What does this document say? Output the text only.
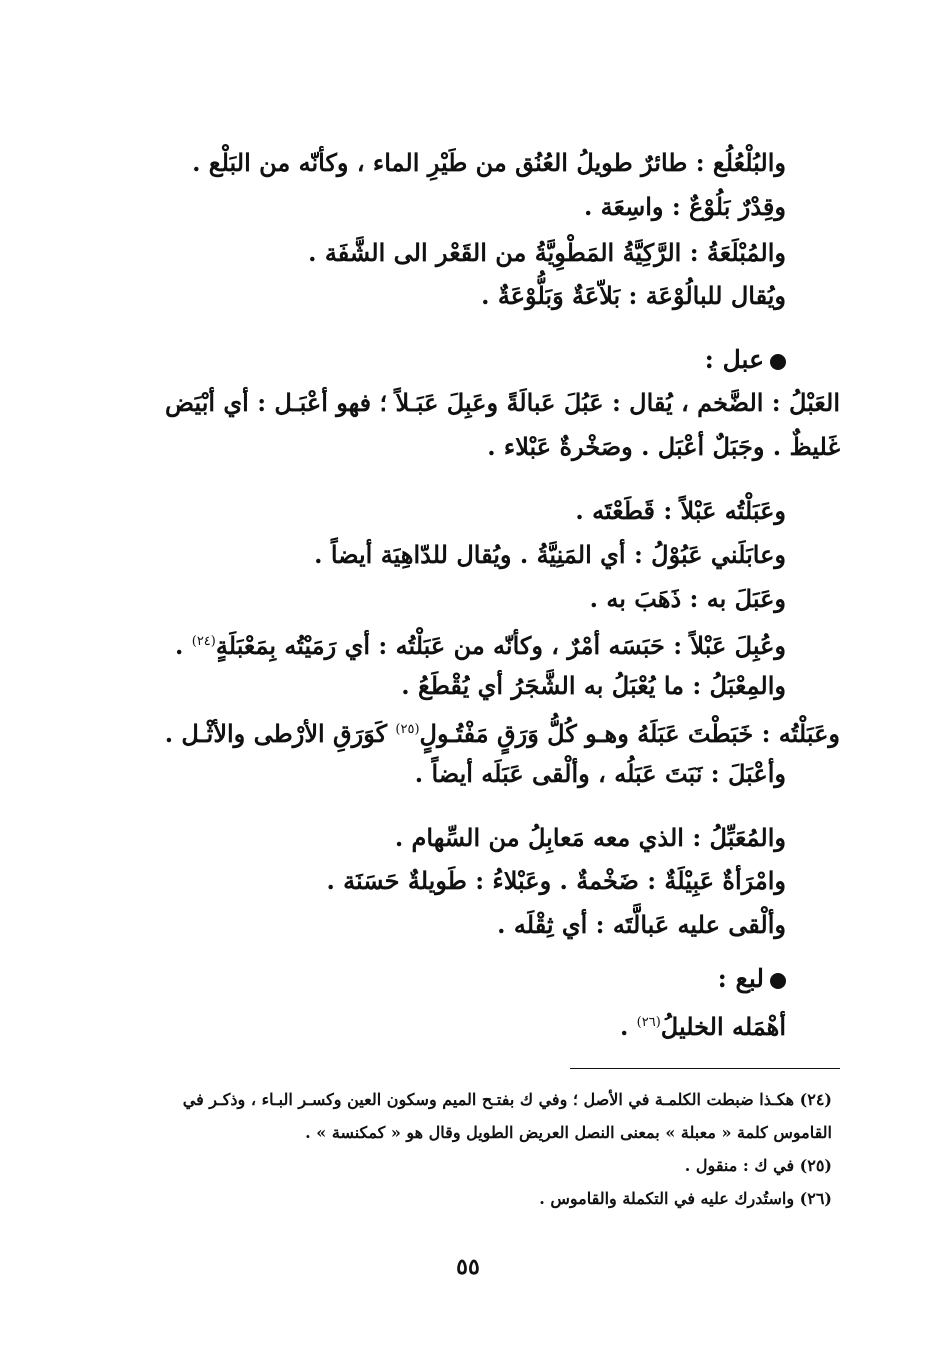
والبُلْعُلُع : طائرٌ طويلُ العُنُق من طَيْرِ الماء ، وكأنّه من البَلْع .
وقِدْرٌ بَلُوْعٌ : واسِعَة .
والمُبْلَعَةُ : الرَّكِيَّةُ المَطْوِيَّةُ من القَعْر الى الشَّفَة .
ويُقال للبالُوْعَة : بَلاّعَةٌ وَبَلُّوْعَةٌ .
عبل :
العَبْلُ : الضَّخم ، يُقال : عَبُلَ عَبالَةً وعَبِلَ عَبَـلاً ؛ فهو أعْبَـل : أي أبْيَض
غَليظٌ . وجَبَلٌ أعْبَل . وصَخْرةٌ عَبْلاء .
وعَبَلْتُه عَبْلاً : قَطَعْتَه .
وعابَلَني عَبُوْلُ : أي المَنِيَّةُ . ويُقال للدّاهِيَة أيضاً .
وعَبَلَ به : ذَهَبَ به .
وعُبِلَ عَبْلاً : حَبَسَه أمْرٌ ، وكأنّه من عَبَلْتُه : أي رَمَيْتُه بِمَعْبَلَةٍ$^{(٢٤)}$ .
والمِعْبَلُ : ما يُعْبَلُ به الشَّجَرُ أي يُقْطَعُ .
وعَبَلْتُه : خَبَطْتَ عَبَلَهُ وهـو كُلُّ وَرَقٍ مَفْتُـولٍ$^{(٢٥)}$ كَوَرَقِ الأرْطى والأثْـل .
وأعْبَلَ : نَبَتَ عَبَلُه ، وألْقى عَبَلَه أيضاً .
والمُعَبِّلُ : الذي معه مَعابِلُ من السِّهام .
وامْرَأةٌ عَبِيْلَةٌ : ضَخْمةٌ . وعَبْلاءُ : طَويلةٌ حَسَنَة .
وألْقى عليه عَبالَّتَه : أي ثِقْلَه .
لبع :
أهْمَله الخليلُ$^{(٢٦)}$ .
(٢٤) هكـذا ضبطت الكلمـة في الأصل ؛ وفي ك بفتـح الميم وسكون العين وكسـر البـاء ، وذكـر في
القاموس كلمة « معبلة » بمعنى النصل العريض الطويل وقال هو « كمكنسة » .
(٢٥) في ك : منقول .
(٢٦) واستُدرك عليه في التكملة والقاموس .
٥٥
